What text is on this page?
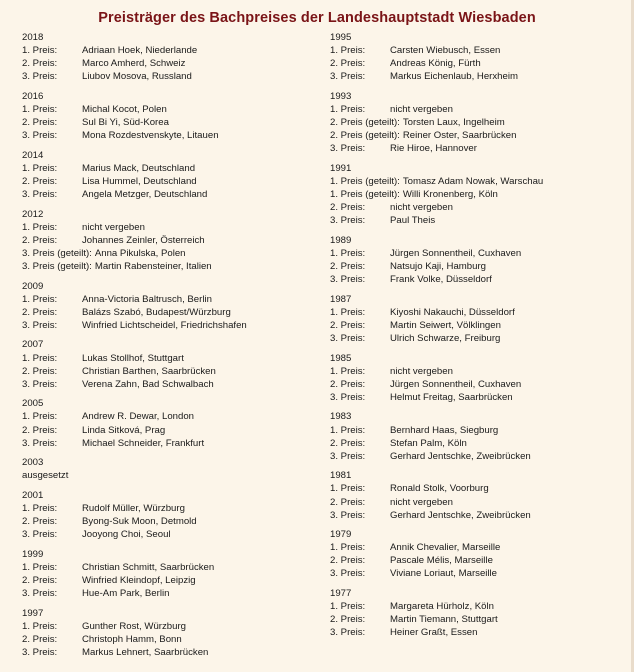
Preisträger des Bachpreises der Landeshauptstadt Wiesbaden
2018
1. Preis:	Adriaan Hoek, Niederlande
2. Preis:	Marco Amherd, Schweiz
3. Preis:	Liubov Mosova, Russland
2016
1. Preis:	Michal Kocot, Polen
2. Preis:	Sul Bi Yi, Süd-Korea
3. Preis:	Mona Rozdestvenskyte, Litauen
2014
1. Preis:	Marius Mack, Deutschland
2. Preis:	Lisa Hummel, Deutschland
3. Preis:	Angela Metzger, Deutschland
2012
1. Preis:	nicht vergeben
2. Preis:	Johannes Zeinler, Österreich
3. Preis (geteilt): Anna Pikulska, Polen
3. Preis (geteilt): Martin Rabensteiner, Italien
2009
1. Preis:	Anna-Victoria Baltrusch, Berlin
2. Preis:	Balázs Szabó, Budapest/Würzburg
3. Preis:	Winfried Lichtscheidel, Friedrichshafen
2007
1. Preis:	Lukas Stollhof, Stuttgart
2. Preis:	Christian Barthen, Saarbrücken
3. Preis:	Verena Zahn, Bad Schwalbach
2005
1. Preis:	Andrew R. Dewar, London
2. Preis:	Linda Sitková, Prag
3. Preis:	Michael Schneider, Frankfurt
2003
ausgesetzt
2001
1. Preis:	Rudolf Müller, Würzburg
2. Preis:	Byong-Suk Moon, Detmold
3. Preis:	Jooyong Choi, Seoul
1999
1. Preis:	Christian Schmitt, Saarbrücken
2. Preis:	Winfried Kleindopf, Leipzig
3. Preis:	Hue-Am Park, Berlin
1997
1. Preis:	Gunther Rost, Würzburg
2. Preis:	Christoph Hamm, Bonn
3. Preis:	Markus Lehnert, Saarbrücken
1995
1. Preis:	Carsten Wiebusch, Essen
2. Preis:	Andreas König, Fürth
3. Preis:	Markus Eichenlaub, Herxheim
1993
1. Preis:	nicht vergeben
2. Preis (geteilt): Torsten Laux, Ingelheim
2. Preis (geteilt): Reiner Oster, Saarbrücken
3. Preis:	Rie Hiroe, Hannover
1991
1. Preis (geteilt): Tomasz Adam Nowak, Warschau
1. Preis (geteilt): Willi Kronenberg, Köln
2. Preis:	nicht vergeben
3. Preis:	Paul Theis
1989
1. Preis:	Jürgen Sonnentheil, Cuxhaven
2. Preis:	Natsujo Kaji, Hamburg
3. Preis:	Frank Volke, Düsseldorf
1987
1. Preis:	Kiyoshi Nakauchi, Düsseldorf
2. Preis:	Martin Seiwert, Völklingen
3. Preis:	Ulrich Schwarze, Freiburg
1985
1. Preis:	nicht vergeben
2. Preis:	Jürgen Sonnentheil, Cuxhaven
3. Preis:	Helmut Freitag, Saarbrücken
1983
1. Preis:	Bernhard Haas, Siegburg
2. Preis:	Stefan Palm, Köln
3. Preis:	Gerhard Jentschke, Zweibrücken
1981
1. Preis:	Ronald Stolk, Voorburg
2. Preis:	nicht vergeben
3. Preis:	Gerhard Jentschke, Zweibrücken
1979
1. Preis:	Annik Chevalier, Marseille
2. Preis:	Pascale Mélis, Marseille
3. Preis:	Viviane Loriaut, Marseille
1977
1. Preis:	Margareta Hürholz, Köln
2. Preis:	Martin Tiemann, Stuttgart
3. Preis:	Heiner Graßt, Essen
